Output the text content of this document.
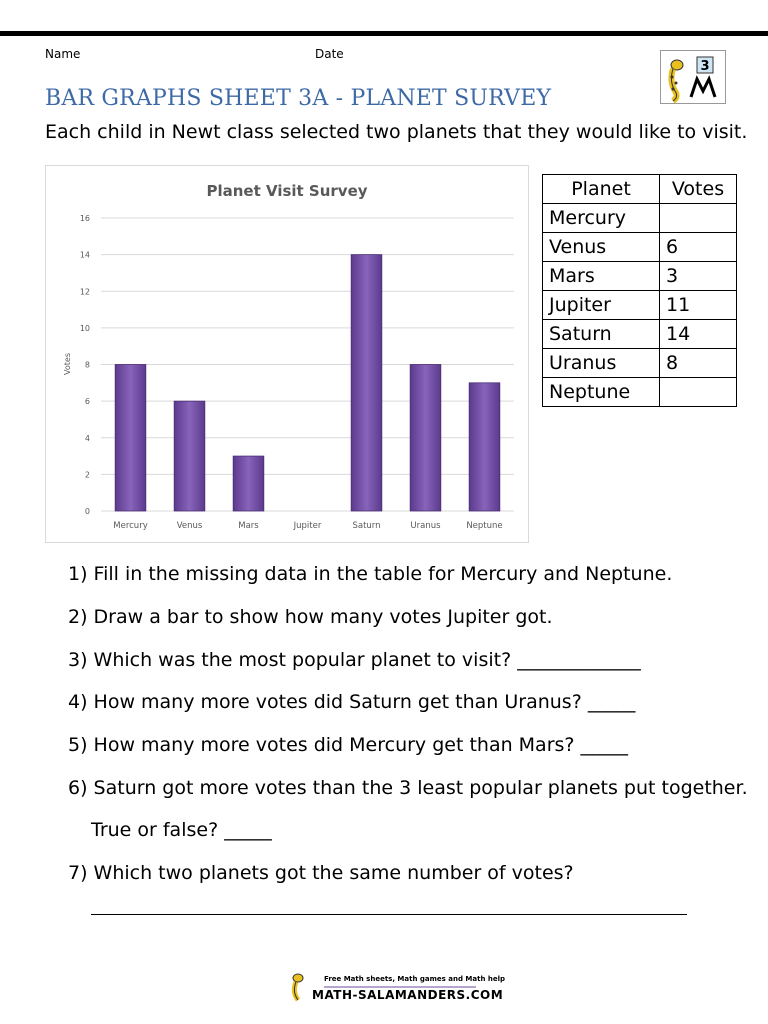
Name	Date
3
BAR GRAPHS SHEET 3A - PLANET SURVEY
Each child in Newt class selected two planets that they would like to visit.
Planet Visit Survey
Votes
0
2
4
6
8
10
12
14
16
Mercury	Venus	Mars	Jupiter	Saturn	Uranus	Neptune
Planet	Votes
Mercury	
Venus	6
Mars	3
Jupiter	11
Saturn	14
Uranus	8
Neptune	
1) Fill in the missing data in the table for Mercury and Neptune.
2) Draw a bar to show how many votes Jupiter got.
3) Which was the most popular planet to visit? _____________
4) How many more votes did Saturn get than Uranus? _____
5) How many more votes did Mercury get than Mars? _____
6) Saturn got more votes than the 3 least popular planets put together.
True or false? _____
7) Which two planets got the same number of votes?
Free Math sheets, Math games and Math help
MATH-SALAMANDERS.COM
